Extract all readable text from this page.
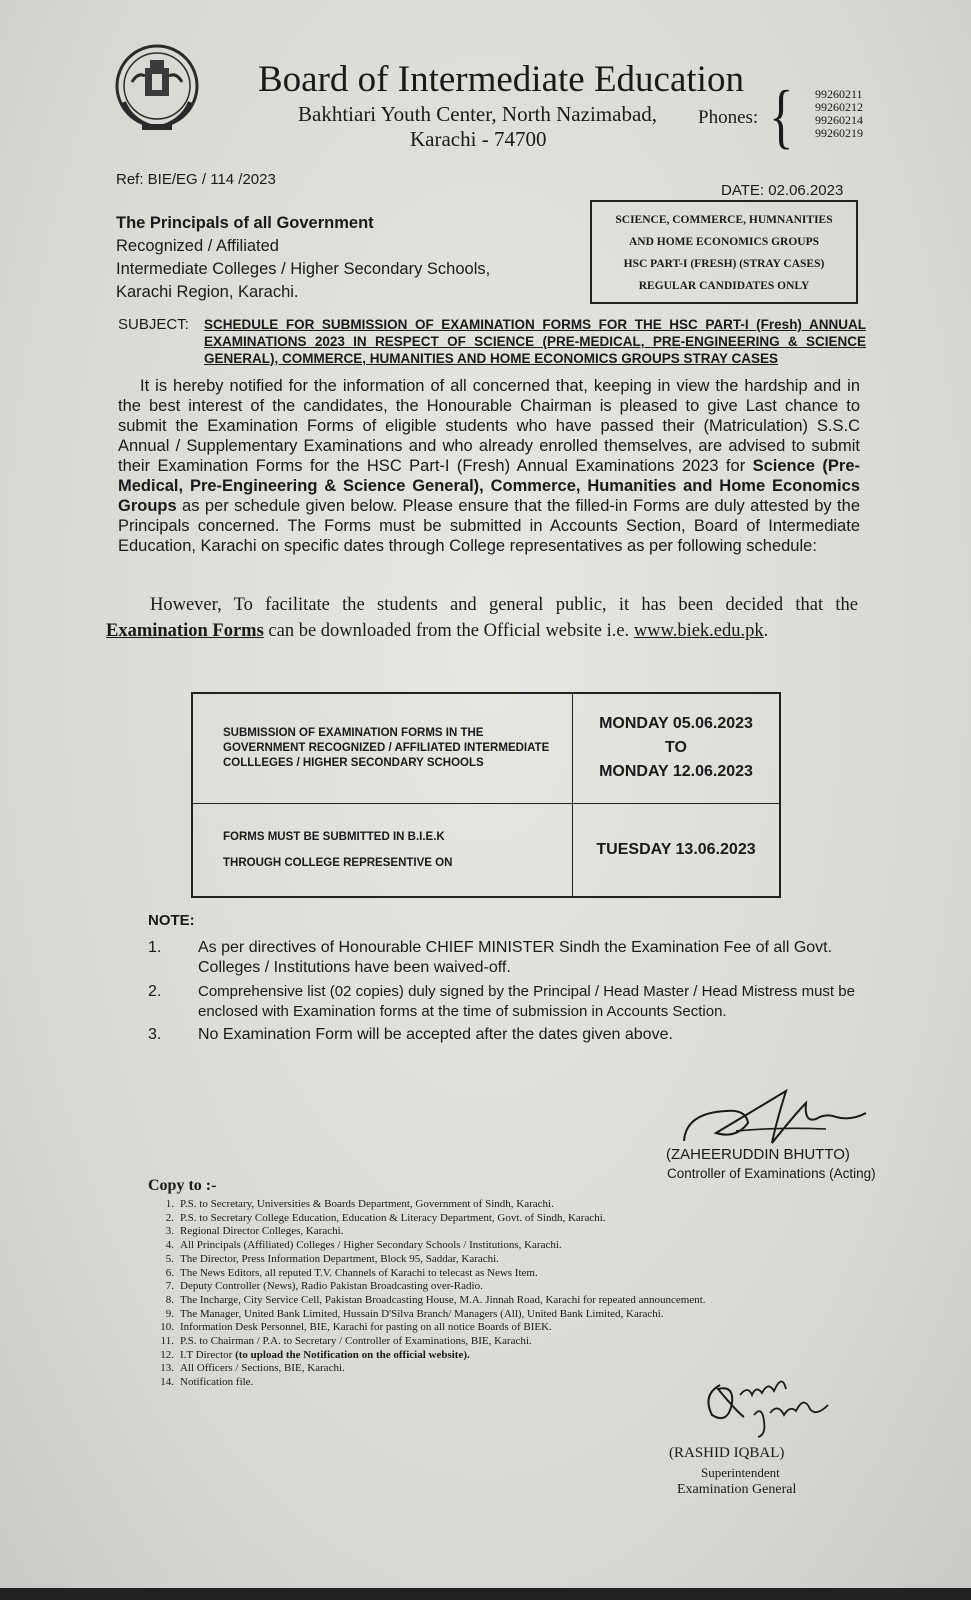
Board of Intermediate Education
Bakhtiari Youth Center, North Nazimabad,
Karachi - 74700
Phones: { 99260211
99260212
99260214
99260219
Ref: BIE/EG / 114 /2023
DATE: 02.06.2023
The Principals of all Government
Recognized / Affiliated
Intermediate Colleges / Higher Secondary Schools,
Karachi Region, Karachi.
SCIENCE, COMMERCE, HUMNANITIES
AND HOME ECONOMICS GROUPS
HSC PART-I (FRESH) (STRAY CASES)
REGULAR CANDIDATES ONLY
SUBJECT: SCHEDULE FOR SUBMISSION OF EXAMINATION FORMS FOR THE HSC PART-I (Fresh) ANNUAL EXAMINATIONS 2023 IN RESPECT OF SCIENCE (PRE-MEDICAL, PRE-ENGINEERING & SCIENCE GENERAL), COMMERCE, HUMANITIES AND HOME ECONOMICS GROUPS STRAY CASES
It is hereby notified for the information of all concerned that, keeping in view the hardship and in the best interest of the candidates, the Honourable Chairman is pleased to give Last chance to submit the Examination Forms of eligible students who have passed their (Matriculation) S.S.C Annual / Supplementary Examinations and who already enrolled themselves, are advised to submit their Examination Forms for the HSC Part-I (Fresh) Annual Examinations 2023 for Science (Pre-Medical, Pre-Engineering & Science General), Commerce, Humanities and Home Economics Groups as per schedule given below. Please ensure that the filled-in Forms are duly attested by the Principals concerned. The Forms must be submitted in Accounts Section, Board of Intermediate Education, Karachi on specific dates through College representatives as per following schedule:
However, To facilitate the students and general public, it has been decided that the Examination Forms can be downloaded from the Official website i.e. www.biek.edu.pk.
SUBMISSION OF EXAMINATION FORMS IN THE GOVERNMENT RECOGNIZED / AFFILIATED INTERMEDIATE COLLLEGES / HIGHER SECONDARY SCHOOLS	MONDAY 05.06.2023
TO
MONDAY 12.06.2023

FORMS MUST BE SUBMITTED IN B.I.E.K
THROUGH COLLEGE REPRESENTIVE ON	TUESDAY 13.06.2023
NOTE:
1.	As per directives of Honourable CHIEF MINISTER Sindh the Examination Fee of all Govt. Colleges / Institutions have been waived-off.
2.	Comprehensive list (02 copies) duly signed by the Principal / Head Master / Head Mistress must be enclosed with Examination forms at the time of submission in Accounts Section.
3.	No Examination Form will be accepted after the dates given above.
(ZAHEERUDDIN BHUTTO)
Controller of Examinations (Acting)
Copy to :-
1. P.S. to Secretary, Universities & Boards Department, Government of Sindh, Karachi.
2. P.S. to Secretary College Education, Education & Literacy Department, Govt. of Sindh, Karachi.
3. Regional Director Colleges, Karachi.
4. All Principals (Affiliated) Colleges / Higher Secondary Schools / Institutions, Karachi.
5. The Director, Press Information Department, Block 95, Saddar, Karachi.
6. The News Editors, all reputed T.V. Channels of Karachi to telecast as News Item.
7. Deputy Controller (News), Radio Pakistan Broadcasting over-Radio.
8. The Incharge, City Service Cell, Pakistan Broadcasting House, M.A. Jinnah Road, Karachi for repeated announcement.
9. The Manager, United Bank Limited, Hussain D'Silva Branch/ Managers (All), United Bank Limited, Karachi.
10. Information Desk Personnel, BIE, Karachi for pasting on all notice Boards of BIEK.
11. P.S. to Chairman / P.A. to Secretary / Controller of Examinations, BIE, Karachi.
12. I.T Director (to upload the Notification on the official website).
13. All Officers / Sections, BIE, Karachi.
14. Notification file.
(RASHID IQBAL)
Superintendent
Examination General
